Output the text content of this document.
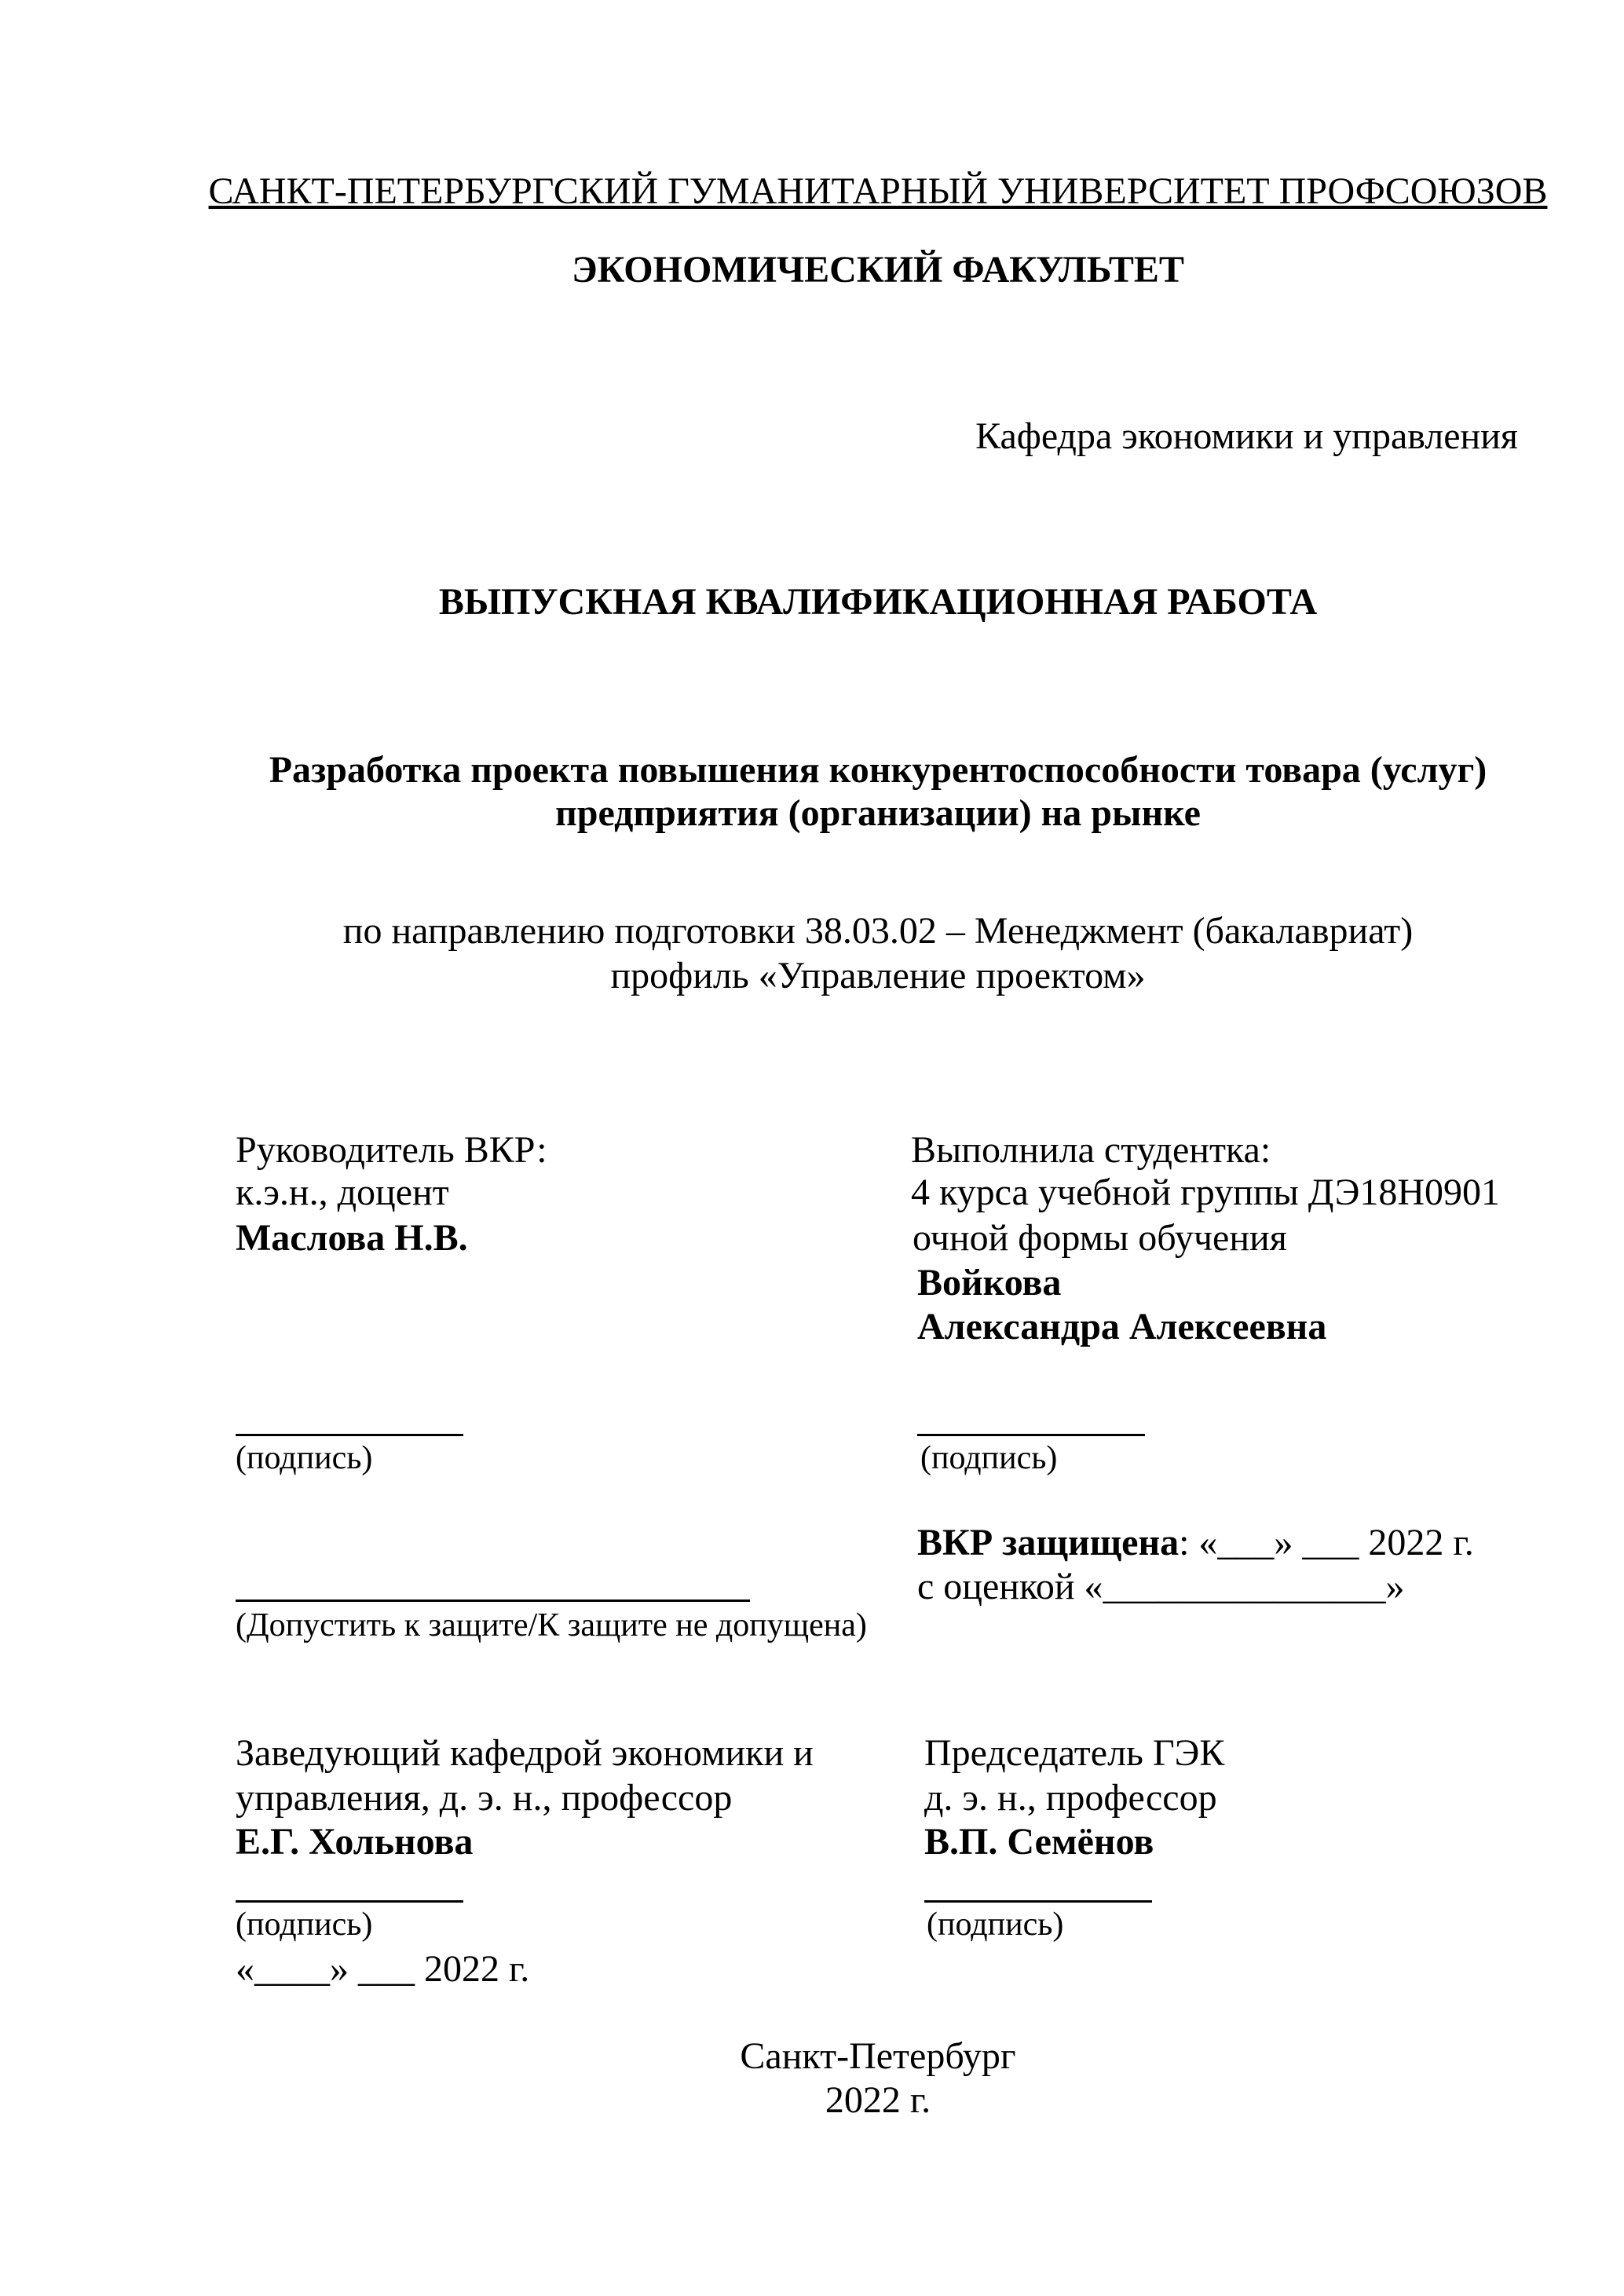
САНКТ-ПЕТЕРБУРГСКИЙ ГУМАНИТАРНЫЙ УНИВЕРСИТЕТ ПРОФСОЮЗОВ
ЭКОНОМИЧЕСКИЙ ФАКУЛЬТЕТ
Кафедра экономики и управления
ВЫПУСКНАЯ КВАЛИФИКАЦИОННАЯ РАБОТА
Разработка проекта повышения конкурентоспособности товара (услуг)
предприятия (организации) на рынке
по направлению подготовки 38.03.02 – Менеджмент (бакалавриат)
профиль «Управление проектом»
Руководитель ВКР:
к.э.н., доцент
Маслова Н.В.
(подпись)
(Допустить к защите/К защите не допущена)
Выполнила студентка:
4 курса учебной группы ДЭ18Н0901
очной формы обучения
Войкова
Александра Алексеевна
(подпись)
ВКР защищена: «___» ___ 2022 г.
с оценкой «_______________»
Заведующий кафедрой экономики и
управления, д. э. н., профессор
Е.Г. Хольнова
(подпись)
«____» ___ 2022 г.
Председатель ГЭК
д. э. н., профессор
В.П. Семёнов
(подпись)
Санкт-Петербург
2022 г.
